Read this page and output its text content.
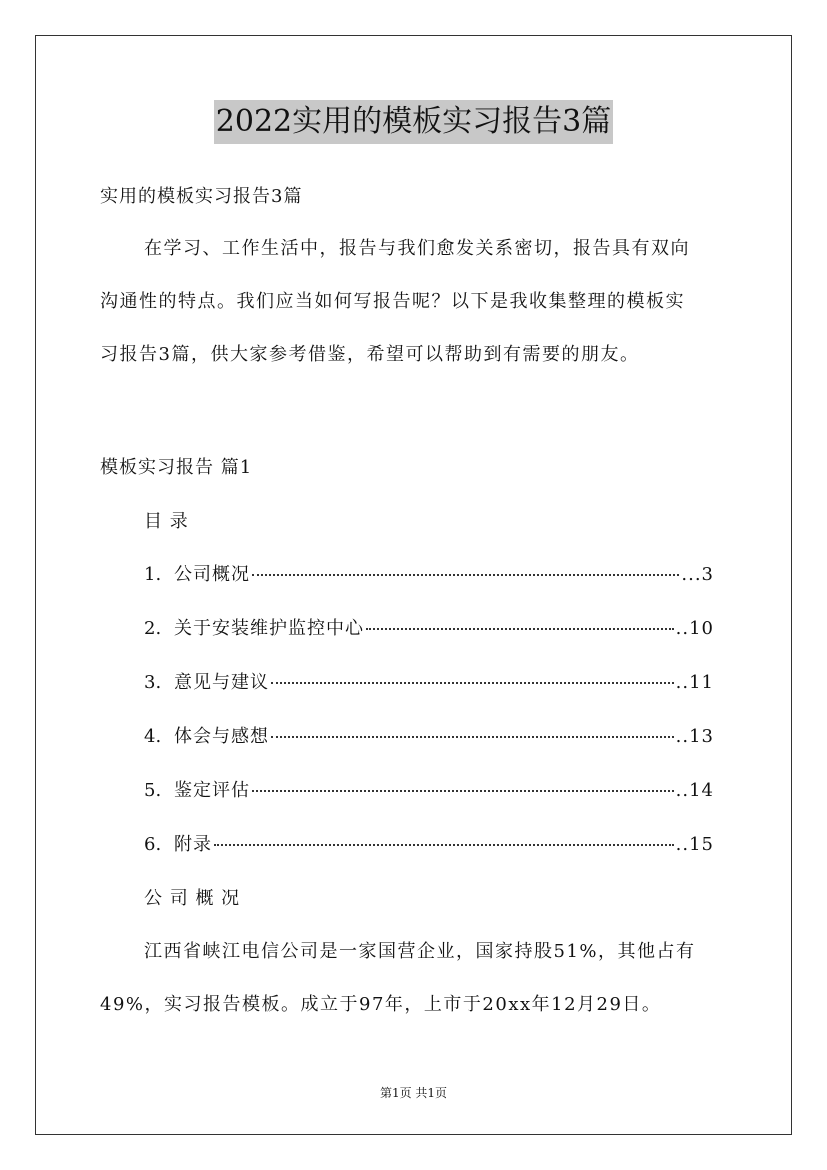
2022实用的模板实习报告3篇
实用的模板实习报告3篇
在学习、工作生活中，报告与我们愈发关系密切，报告具有双向
沟通性的特点。我们应当如何写报告呢？以下是我收集整理的模板实
习报告3篇，供大家参考借鉴，希望可以帮助到有需要的朋友。
模板实习报告 篇1
目 录
1. 公司概况	...3
2. 关于安装维护监控中心	..10
3. 意见与建议	..11
4. 体会与感想	..13
5. 鉴定评估	..14
6. 附录	..15
公 司 概 况
江西省峡江电信公司是一家国营企业，国家持股51%，其他占有
49%，实习报告模板。成立于97年，上市于20xx年12月29日。
第1页 共1页
